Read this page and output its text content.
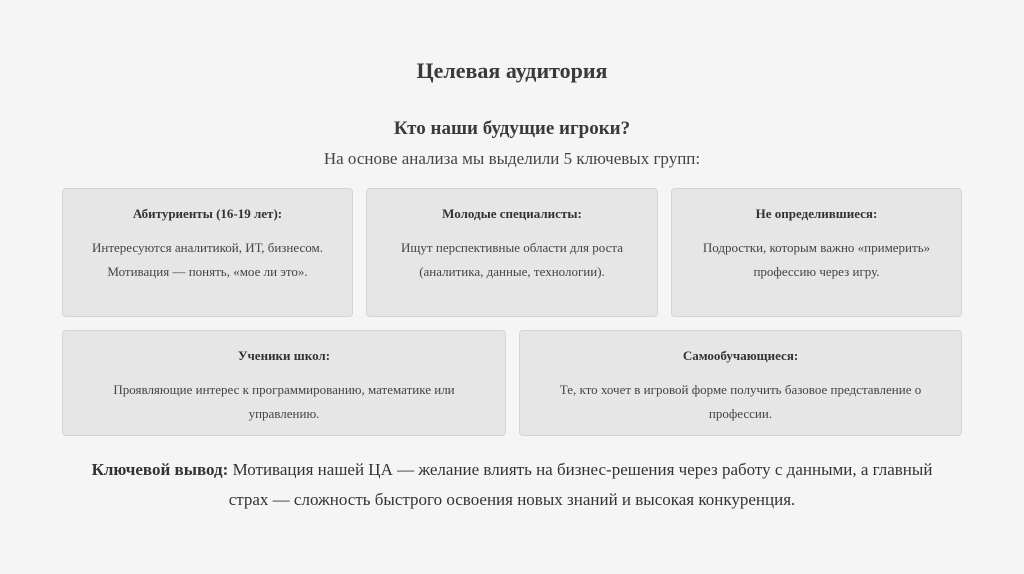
Целевая аудитория
Кто наши будущие игроки?
На основе анализа мы выделили 5 ключевых групп:
Абитуриенты (16-19 лет):
Интересуются аналитикой, ИТ, бизнесом. Мотивация — понять, «мое ли это».
Молодые специалисты:
Ищут перспективные области для роста (аналитика, данные, технологии).
Не определившиеся:
Подростки, которым важно «примерить» профессию через игру.
Ученики школ:
Проявляющие интерес к программированию, математике или управлению.
Самообучающиеся:
Те, кто хочет в игровой форме получить базовое представление о профессии.
Ключевой вывод: Мотивация нашей ЦА — желание влиять на бизнес-решения через работу с данными, а главный страх — сложность быстрого освоения новых знаний и высокая конкуренция.
